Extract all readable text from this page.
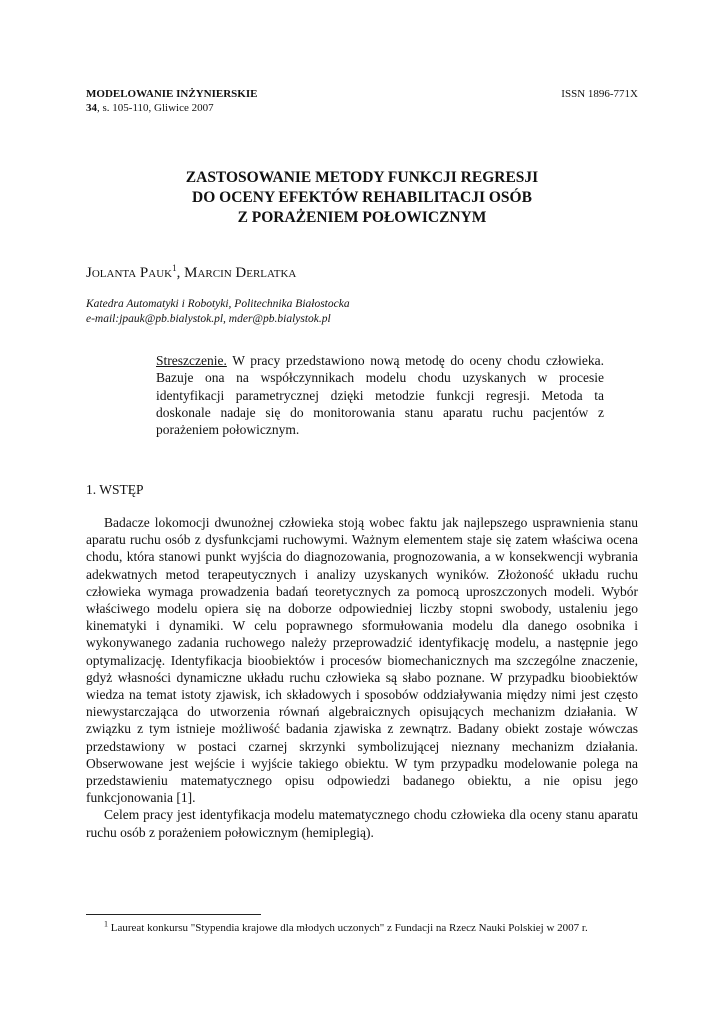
MODELOWANIE INŻYNIERSKIE	ISSN 1896-771X
34, s. 105-110, Gliwice 2007
ZASTOSOWANIE METODY FUNKCJI REGRESJI
DO OCENY EFEKTÓW REHABILITACJI OSÓB
Z PORAŻENIEM POŁOWICZNYM
Jolanta Pauk$^1$, Marcin Derlatka
Katedra Automatyki i Robotyki, Politechnika Białostocka
e-mail:jpauk@pb.bialystok.pl, mder@pb.bialystok.pl
Streszczenie. W pracy przedstawiono nową metodę do oceny chodu człowieka. Bazuje ona na współczynnikach modelu chodu uzyskanych w procesie identyfikacji parametrycznej dzięki metodzie funkcji regresji. Metoda ta doskonale nadaje się do monitorowania stanu aparatu ruchu pacjentów z porażeniem połowicznym.
1. WSTĘP

Badacze lokomocji dwunożnej człowieka stoją wobec faktu jak najlepszego usprawnienia stanu aparatu ruchu osób z dysfunkcjami ruchowymi. Ważnym elementem staje się zatem właściwa ocena chodu, która stanowi punkt wyjścia do diagnozowania, prognozowania, a w konsekwencji wybrania adekwatnych metod terapeutycznych i analizy uzyskanych wyników. Złożoność układu ruchu człowieka wymaga prowadzenia badań teoretycznych za pomocą uproszczonych modeli. Wybór właściwego modelu opiera się na doborze odpowiedniej liczby stopni swobody, ustaleniu jego kinematyki i dynamiki. W celu poprawnego sformułowania modelu dla danego osobnika i wykonywanego zadania ruchowego należy przeprowadzić identyfikację modelu, a następnie jego optymalizację. Identyfikacja bioobiektów i procesów biomechanicznych ma szczególne znaczenie, gdyż własności dynamiczne układu ruchu człowieka są słabo poznane. W przypadku bioobiektów wiedza na temat istoty zjawisk, ich składowych i sposobów oddziaływania między nimi jest często niewystarczająca do utworzenia równań algebraicznych opisujących mechanizm działania. W związku z tym istnieje możliwość badania zjawiska z zewnątrz. Badany obiekt zostaje wówczas przedstawiony w postaci czarnej skrzynki symbolizującej nieznany mechanizm działania. Obserwowane jest wejście i wyjście takiego obiektu. W tym przypadku modelowanie polega na przedstawieniu matematycznego opisu odpowiedzi badanego obiektu, a nie opisu jego funkcjonowania [1].

Celem pracy jest identyfikacja modelu matematycznego chodu człowieka dla oceny stanu aparatu ruchu osób z porażeniem połowicznym (hemiplegią).

$^1$ Laureat konkursu "Stypendia krajowe dla młodych uczonych" z Fundacji na Rzecz Nauki Polskiej w 2007 r.
